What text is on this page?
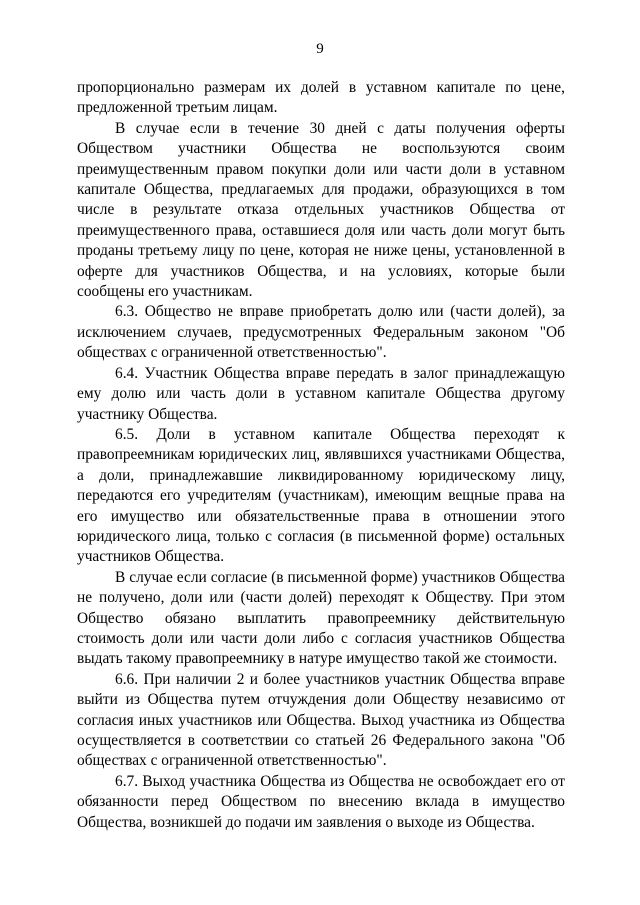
9

пропорционально размерам их долей в уставном капитале по цене, предложенной третьим лицам.

В случае если в течение 30 дней с даты получения оферты Обществом участники Общества не воспользуются своим преимущественным правом покупки доли или части доли в уставном капитале Общества, предлагаемых для продажи, образующихся в том числе в результате отказа отдельных участников Общества от преимущественного права, оставшиеся доля или часть доли могут быть проданы третьему лицу по цене, которая не ниже цены, установленной в оферте для участников Общества, и на условиях, которые были сообщены его участникам.

6.3. Общество не вправе приобретать долю или (части долей), за исключением случаев, предусмотренных Федеральным законом "Об обществах с ограниченной ответственностью".

6.4. Участник Общества вправе передать в залог принадлежащую ему долю или часть доли в уставном капитале Общества другому участнику Общества.

6.5. Доли в уставном капитале Общества переходят к правопреемникам юридических лиц, являвшихся участниками Общества, а доли, принадлежавшие ликвидированному юридическому лицу, передаются его учредителям (участникам), имеющим вещные права на его имущество или обязательственные права в отношении этого юридического лица, только с согласия (в письменной форме) остальных участников Общества.

В случае если согласие (в письменной форме) участников Общества не получено, доли или (части долей) переходят к Обществу. При этом Общество обязано выплатить правопреемнику действительную стоимость доли или части доли либо с согласия участников Общества выдать такому правопреемнику в натуре имущество такой же стоимости.

6.6. При наличии 2 и более участников участник Общества вправе выйти из Общества путем отчуждения доли Обществу независимо от согласия иных участников или Общества. Выход участника из Общества осуществляется в соответствии со статьей 26 Федерального закона "Об обществах с ограниченной ответственностью".

6.7. Выход участника Общества из Общества не освобождает его от обязанности перед Обществом по внесению вклада в имущество Общества, возникшей до подачи им заявления о выходе из Общества.
